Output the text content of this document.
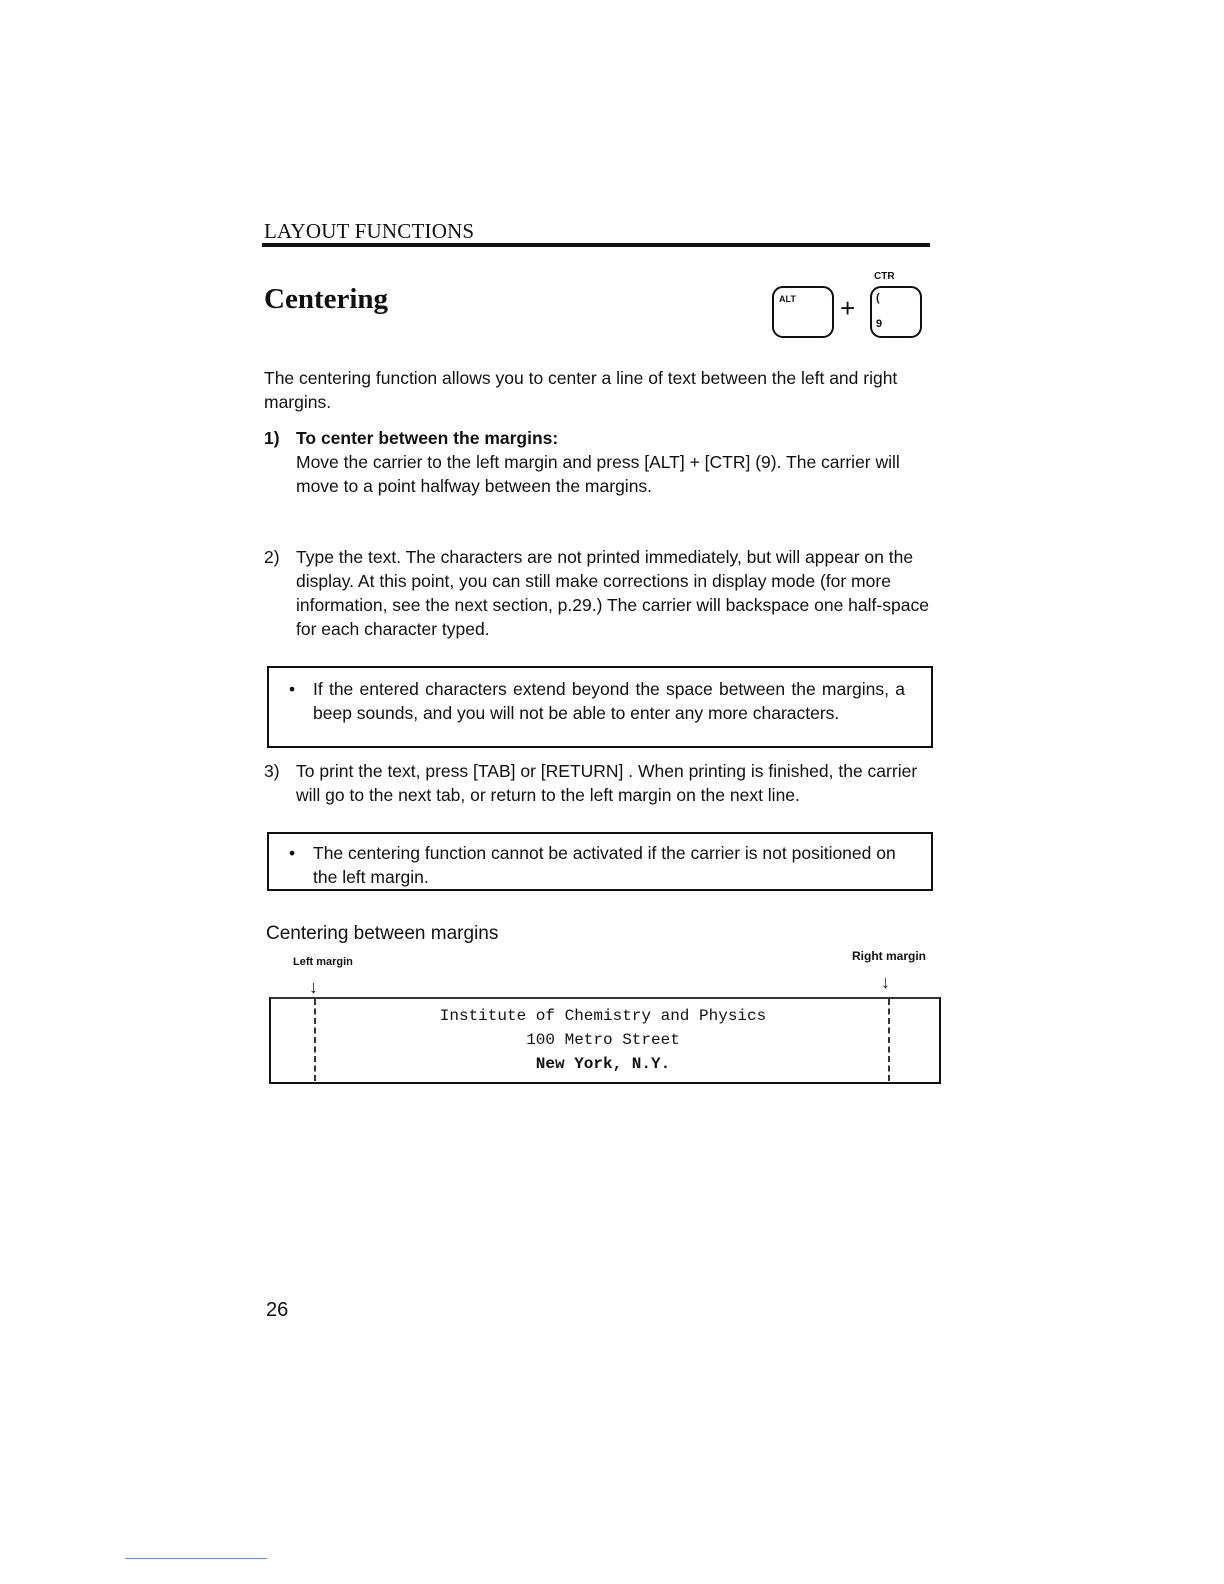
LAYOUT FUNCTIONS
Centering
CTR
ALT + (
9
The centering function allows you to center a line of text between the left and right margins.
1) To center between the margins:
Move the carrier to the left margin and press [ALT] + [CTR] (9). The carrier will move to a point halfway between the margins.
2) Type the text. The characters are not printed immediately, but will appear on the display. At this point, you can still make corrections in display mode (for more information, see the next section, p.29.) The carrier will backspace one half-space for each character typed.
•	If the entered characters extend beyond the space between the margins, a beep sounds, and you will not be able to enter any more characters.
3) To print the text, press [TAB] or [RETURN] . When printing is finished, the carrier will go to the next tab, or return to the left margin on the next line.
•	The centering function cannot be activated if the carrier is not positioned on the left margin.
Centering between margins
Left margin	Right margin
↓	↓
Institute of Chemistry and Physics
100 Metro Street
New York, N.Y.
26
